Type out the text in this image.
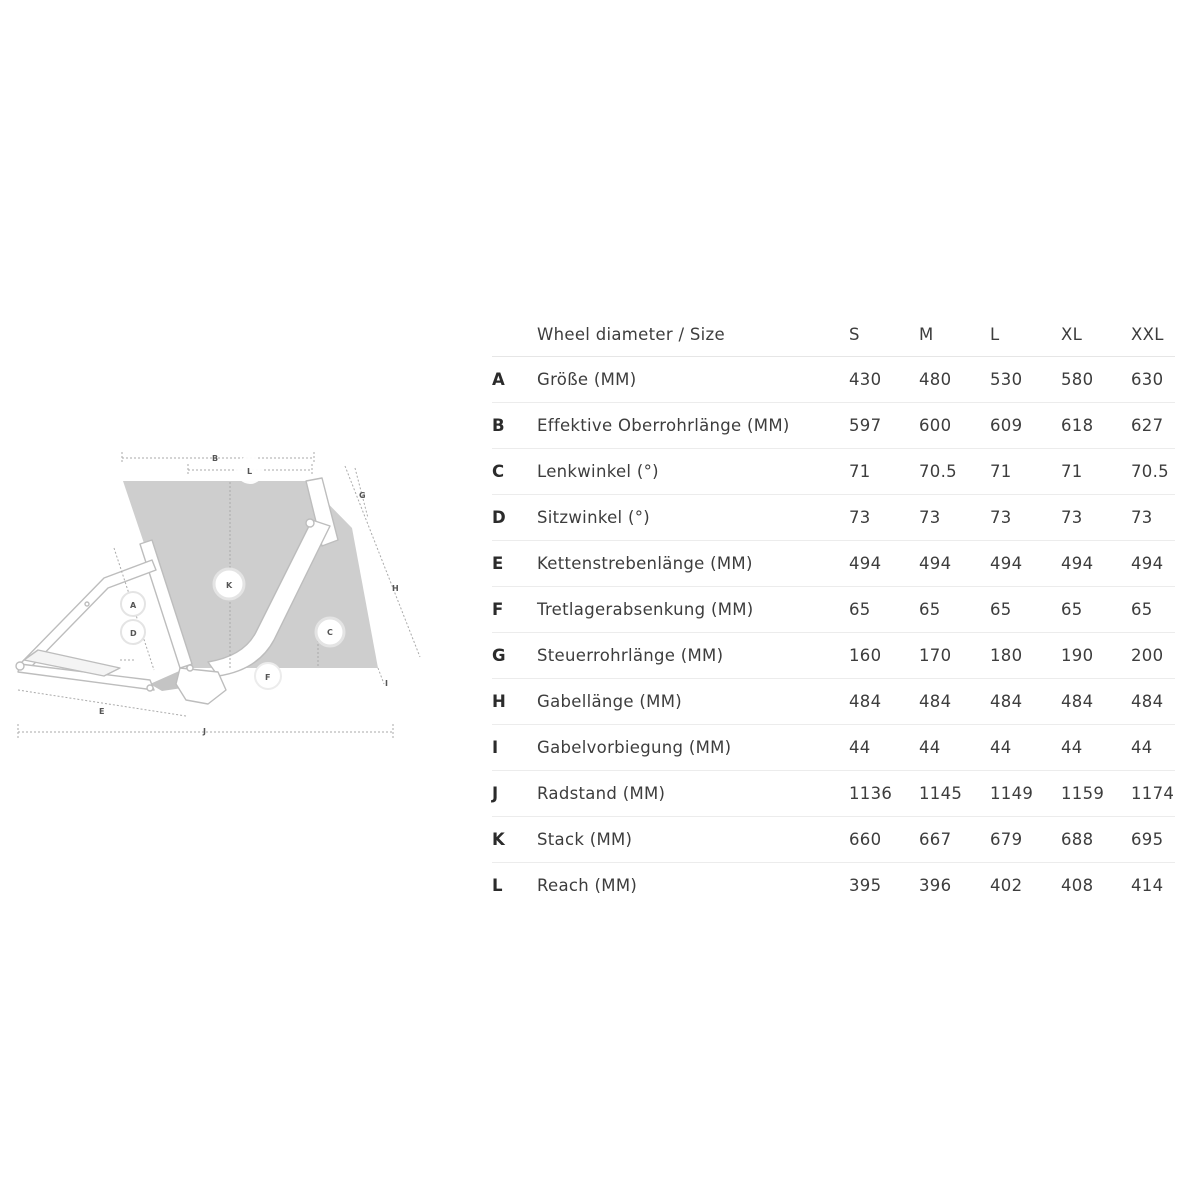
A
B
C
D
E
F
G
H
I
J
K
L
	Wheel diameter / Size	S	M	L	XL	XXL
A	Größe (MM)	430	480	530	580	630
B	Effektive Oberrohrlänge (MM)	597	600	609	618	627
C	Lenkwinkel (°)	71	70.5	71	71	70.5
D	Sitzwinkel (°)	73	73	73	73	73
E	Kettenstrebenlänge (MM)	494	494	494	494	494
F	Tretlagerabsenkung (MM)	65	65	65	65	65
G	Steuerrohrlänge (MM)	160	170	180	190	200
H	Gabellänge (MM)	484	484	484	484	484
I	Gabelvorbiegung (MM)	44	44	44	44	44
J	Radstand (MM)	1136	1145	1149	1159	1174
K	Stack (MM)	660	667	679	688	695
L	Reach (MM)	395	396	402	408	414
